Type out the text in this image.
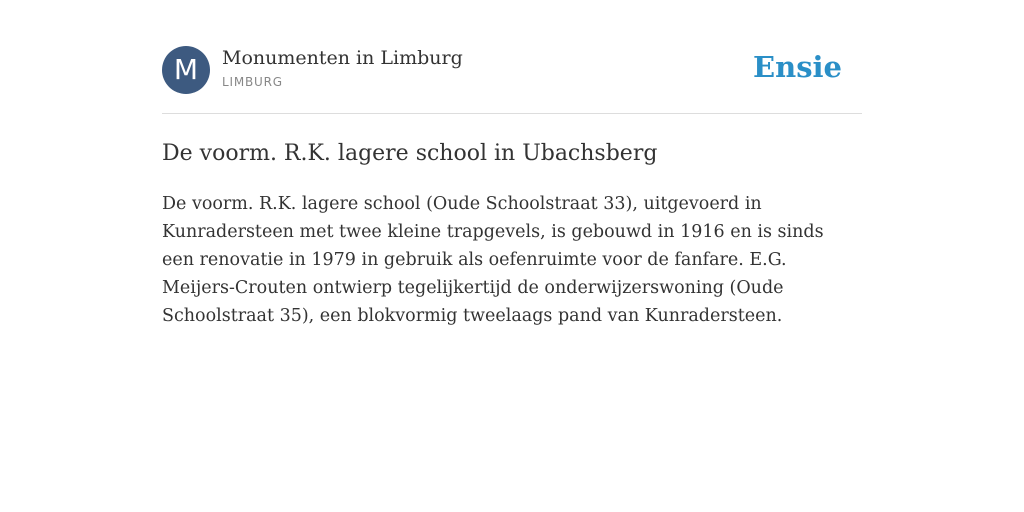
M	Monumenten in Limburg
LIMBURG	Ensie
De voorm. R.K. lagere school in Ubachsberg

De voorm. R.K. lagere school (Oude Schoolstraat 33), uitgevoerd in Kunradersteen met twee kleine trapgevels, is gebouwd in 1916 en is sinds een renovatie in 1979 in gebruik als oefenruimte voor de fanfare. E.G. Meijers-Crouten ontwierp tegelijkertijd de onderwijzerswoning (Oude Schoolstraat 35), een blokvormig tweelaags pand van Kunradersteen.
